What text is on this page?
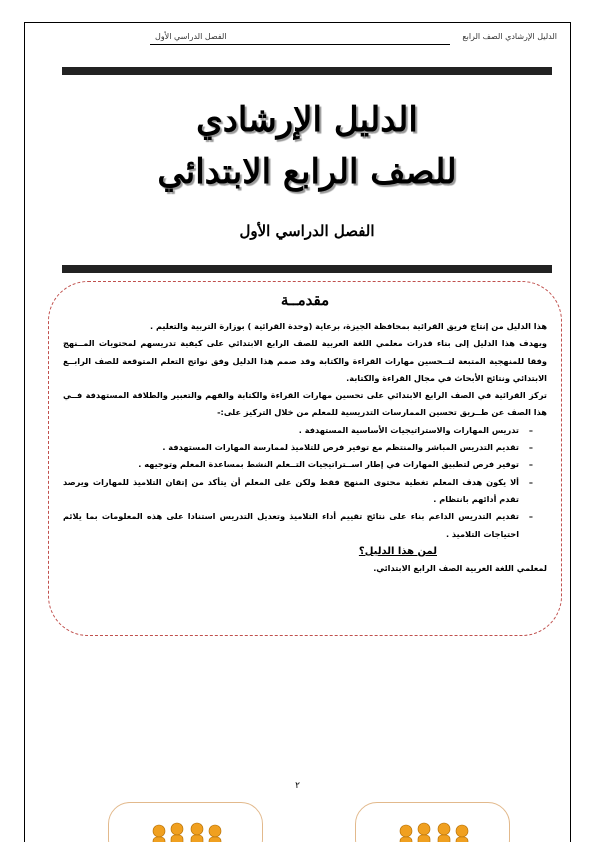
الدليل الإرشادي الصف الرابع
الفصل الدراسي الأول
الدليل الإرشادي
للصف الرابع الابتدائي
الفصل الدراسي الأول
مقدمــة

هذا الدليل من إنتاج فريق القرائية بمحافظة الجيزة، برعاية (وحدة القرائية ) بوزارة التربية والتعليم .

ويهدف هذا الدليل إلى بناء قدرات معلمي اللغة العربية للصف الرابع الابتدائي على كيفية تدريسهم لمحتويات المــنهج وفقا للمنهجية المتبعة لتــحسين مهارات القراءة والكتابة وقد صمم هذا الدليل وفق نواتج التعلم المتوقعة للصف الرابــع الابتدائي ونتائج الأبحاث في مجال القراءة والكتابة.

تركز القرائية في الصف الرابع الابتدائي على تحسين مهارات القراءة والكتابة والفهم والتعبير والطلاقة المستهدفة فــي هذا الصف عن طــريق تحسين الممارسات التدريسية للمعلم من خلال التركيز على:-

–
تدريس المهارات والاستراتيجيات الأساسية المستهدفة .
–
تقديم التدريس المباشر والمنتظم مع توفير فرص للتلاميذ لممارسة المهارات المستهدفة .
–
توفير فرص لتطبيق المهارات في إطار اســتراتيجيات التــعلم النشط بمساعدة المعلم وتوجيهه .
–
ألا يكون هدف المعلم تغطية محتوى المنهج فقط ولكن على المعلم أن يتأكد من إتقان التلاميذ للمهارات ويرصد تقدم أدائهم بانتظام .
–
تقديم التدريس الداعم بناء على نتائج تقييم أداء التلاميذ وتعديل التدريس استنادا على هذه المعلومات بما يلائم احتياجات التلاميذ .

لمن هذا الدليل؟

لمعلمي اللغة العربية الصف الرابع الابتدائي.

٢
